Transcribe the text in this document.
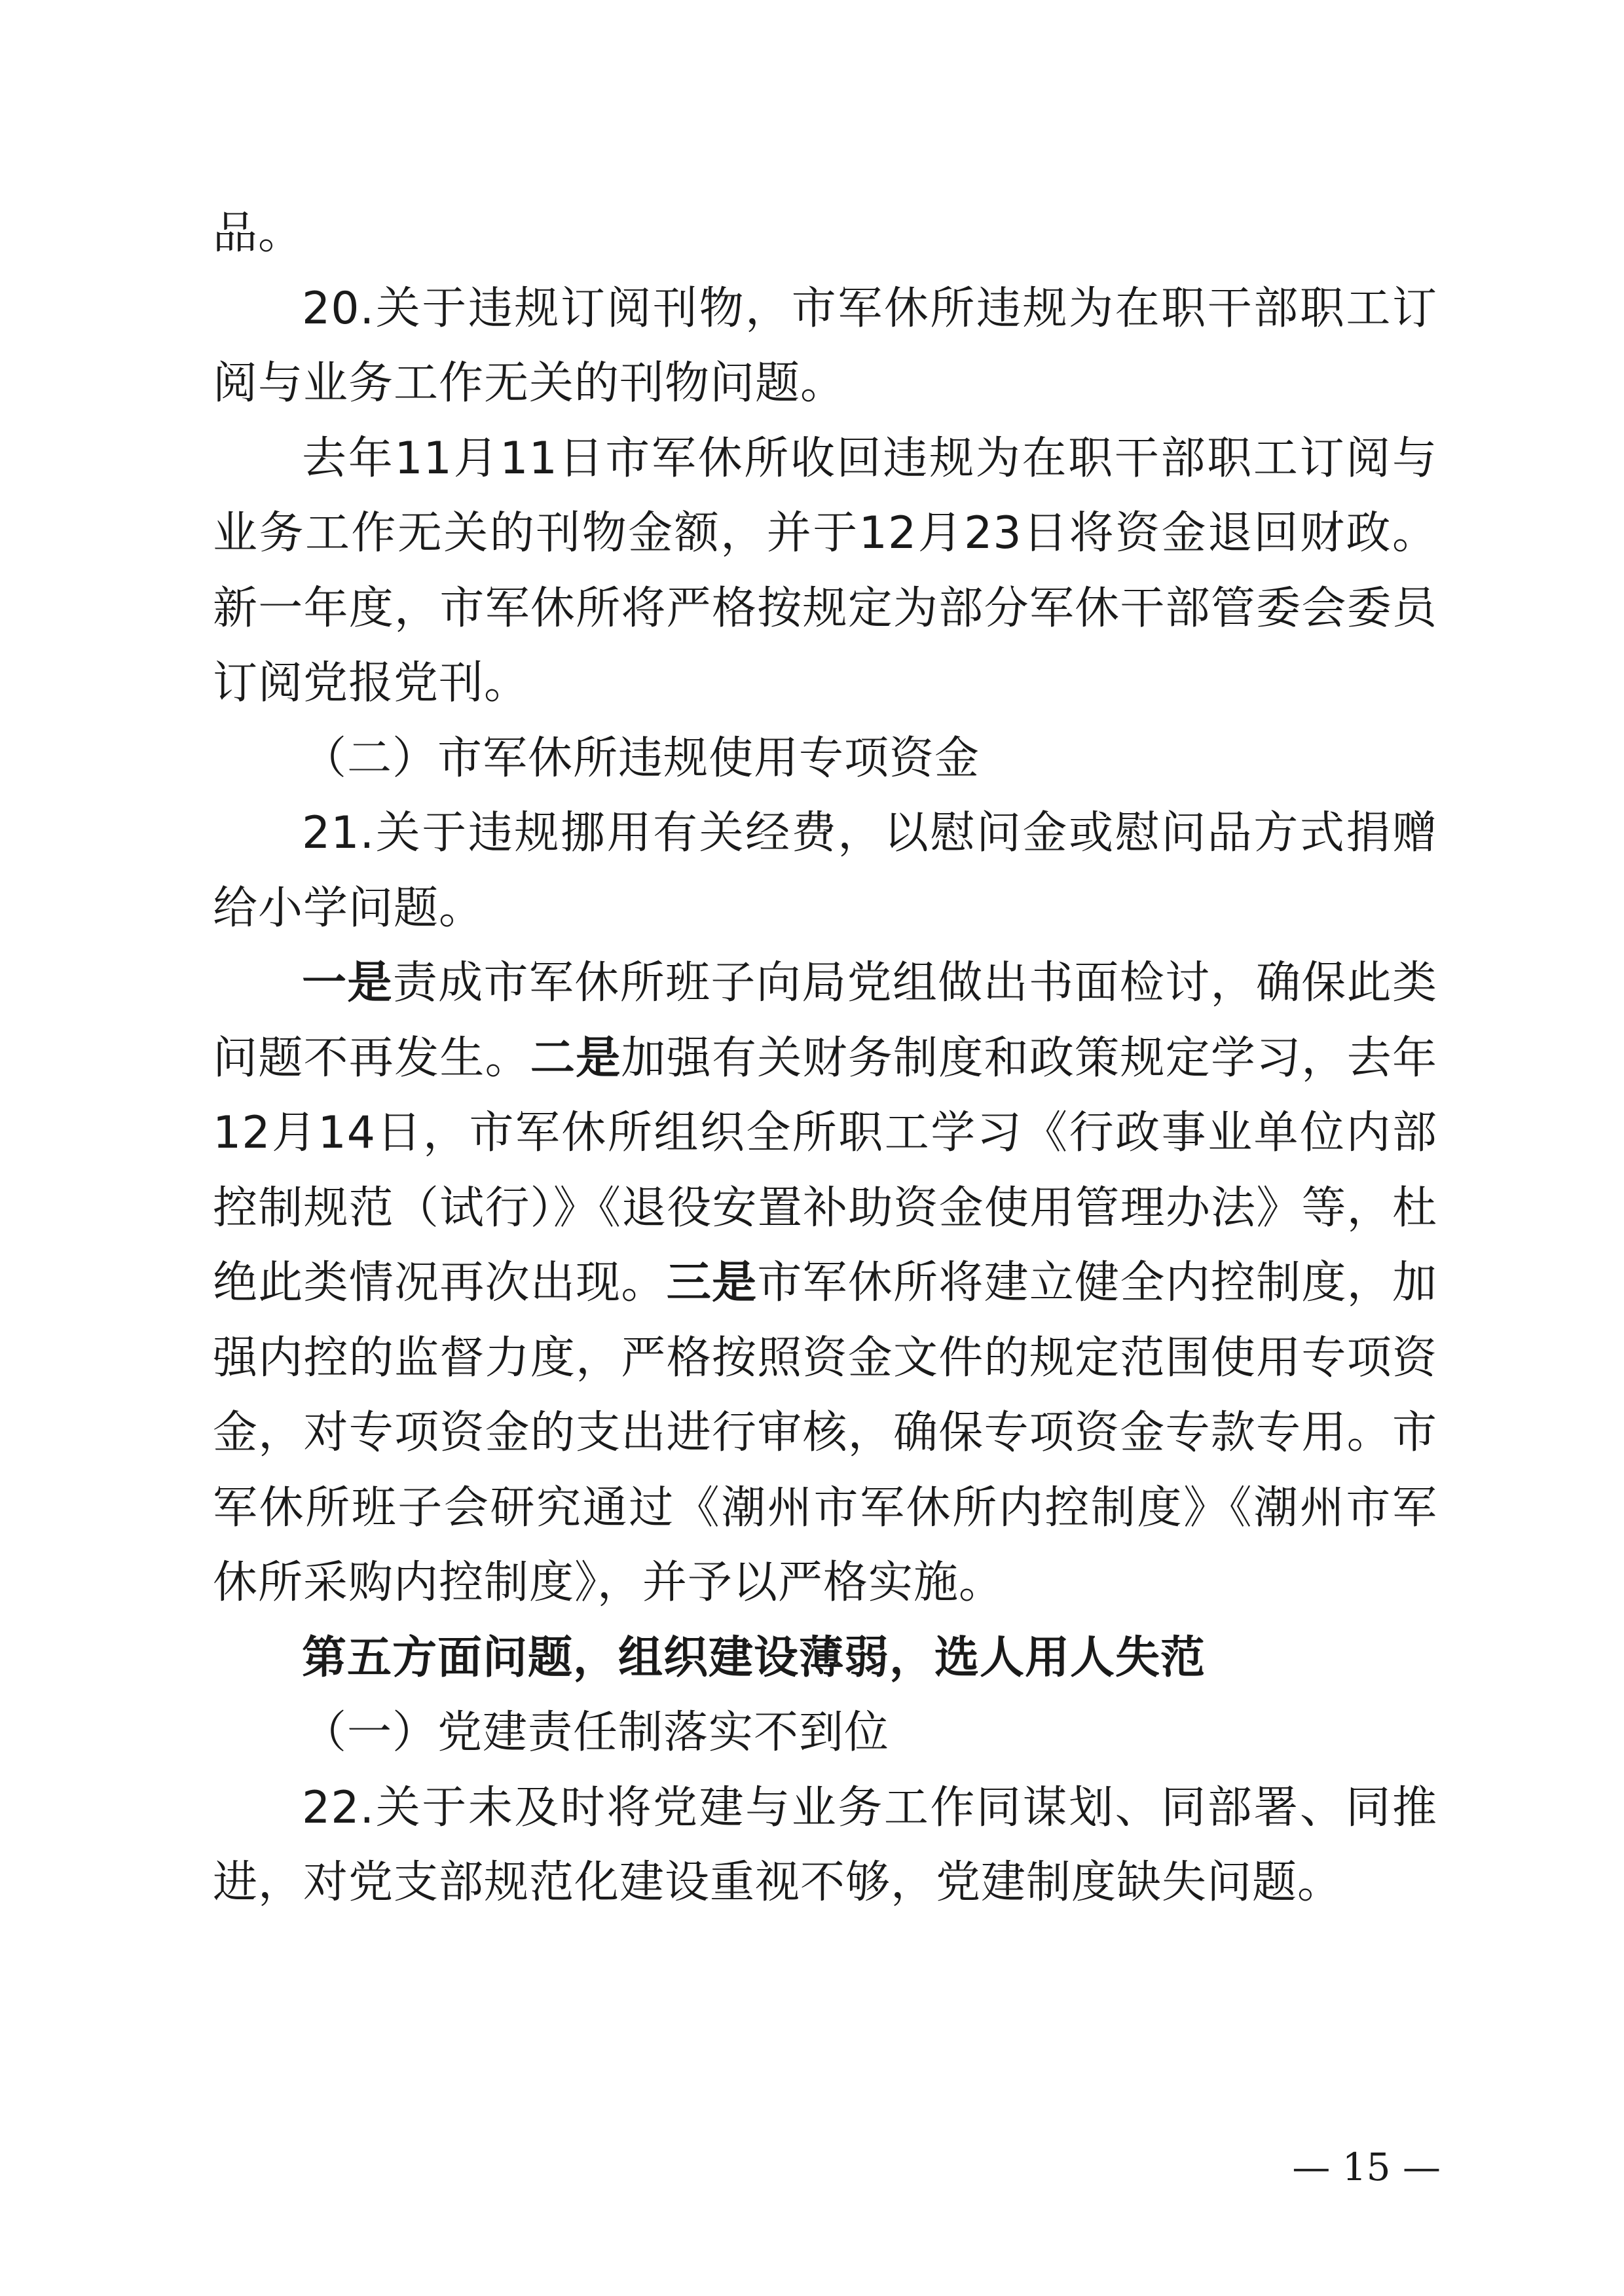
品。

20.关于违规订阅刊物，市军休所违规为在职干部职工订阅与业务工作无关的刊物问题。

去年11月11日市军休所收回违规为在职干部职工订阅与业务工作无关的刊物金额，并于12月23日将资金退回财政。新一年度，市军休所将严格按规定为部分军休干部管委会委员订阅党报党刊。

（二）市军休所违规使用专项资金

21.关于违规挪用有关经费，以慰问金或慰问品方式捐赠给小学问题。

一是责成市军休所班子向局党组做出书面检讨，确保此类问题不再发生。二是加强有关财务制度和政策规定学习，去年12月14日，市军休所组织全所职工学习《行政事业单位内部控制规范（试行）》《退役安置补助资金使用管理办法》等，杜绝此类情况再次出现。三是市军休所将建立健全内控制度，加强内控的监督力度，严格按照资金文件的规定范围使用专项资金，对专项资金的支出进行审核，确保专项资金专款专用。市军休所班子会研究通过《潮州市军休所内控制度》《潮州市军休所采购内控制度》，并予以严格实施。

第五方面问题，组织建设薄弱，选人用人失范

（一）党建责任制落实不到位

22.关于未及时将党建与业务工作同谋划、同部署、同推进，对党支部规范化建设重视不够，党建制度缺失问题。

— 15 —
